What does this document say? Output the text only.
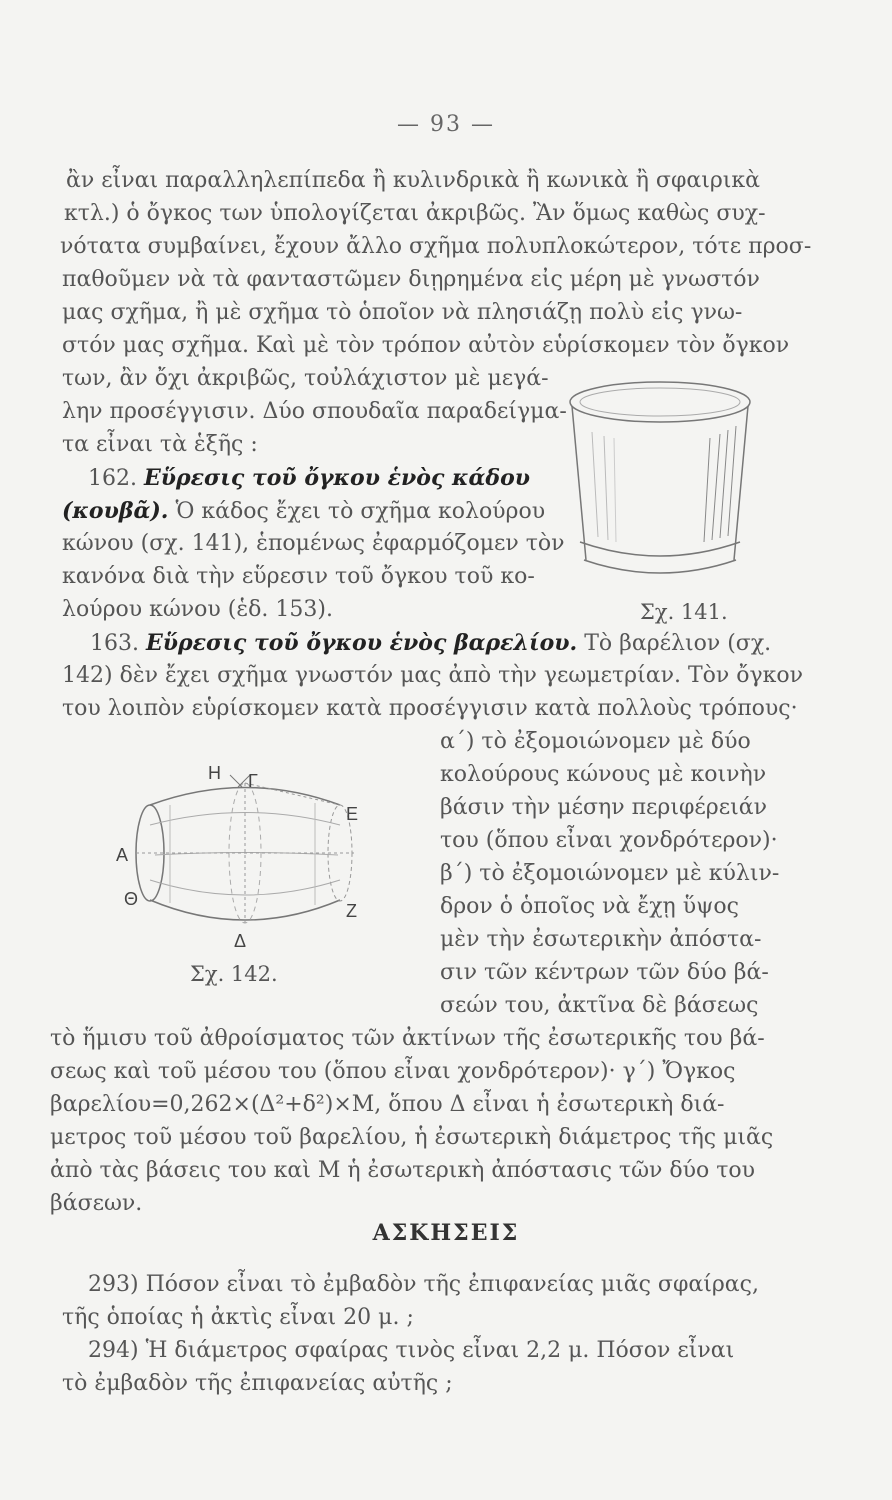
— 93 —
ἂν εἶναι παραλληλεπίπεδα ἢ κυλινδρικὰ ἢ κωνικὰ ἢ σφαιρικὰ
κτλ.) ὁ ὄγκος των ὑπολογίζεται ἀκριβῶς. Ἂν ὅμως καθὼς συχ-
νότατα συμβαίνει, ἔχουν ἄλλο σχῆμα πολυπλοκώτερον, τότε προσ-
παθοῦμεν νὰ τὰ φανταστῶμεν διῃρημένα εἰς μέρη μὲ γνωστόν
μας σχῆμα, ἢ μὲ σχῆμα τὸ ὁποῖον νὰ πλησιάζῃ πολὺ εἰς γνω-
στόν μας σχῆμα. Καὶ μὲ τὸν τρόπον αὐτὸν εὑρίσκομεν τὸν ὄγκον
των, ἂν ὄχι ἀκριβῶς, τοὐλάχιστον μὲ μεγά-
λην προσέγγισιν. Δύο σπουδαῖα παραδείγμα-
τα εἶναι τὰ ἑξῆς :
162. Εὕρεσις τοῦ ὄγκου ἑνὸς κάδου
(κουβᾶ). Ὁ κάδος ἔχει τὸ σχῆμα κολούρου
κώνου (σχ. 141), ἑπομένως ἐφαρμόζομεν τὸν
κανόνα διὰ τὴν εὕρεσιν τοῦ ὄγκου τοῦ κο-
λούρου κώνου (ἑδ. 153).	Σχ. 141.
163. Εὕρεσις τοῦ ὄγκου ἑνὸς βαρελίου. Τὸ βαρέλιον (σχ.
142) δὲν ἔχει σχῆμα γνωστόν μας ἀπὸ τὴν γεωμετρίαν. Τὸν ὄγκον
του λοιπὸν εὑρίσκομεν κατὰ προσέγγισιν κατὰ πολλοὺς τρόπους·
α΄) τὸ ἐξομοιώνομεν μὲ δύο
κολούρους κώνους μὲ κοινὴν
βάσιν τὴν μέσην περιφέρειάν
του (ὅπου εἶναι χονδρότερον)·
β΄) τὸ ἐξομοιώνομεν μὲ κύλιν-
δρον ὁ ὁποῖος νὰ ἔχῃ ὕψος
μὲν τὴν ἐσωτερικὴν ἀπόστα-
σιν τῶν κέντρων τῶν δύο βά-
σεών του, ἀκτῖνα δὲ βάσεως
H Γ
E
A
Θ
Z
Δ
Σχ. 142.
τὸ ἥμισυ τοῦ ἀθροίσματος τῶν ἀκτίνων τῆς ἐσωτερικῆς του βά-
σεως καὶ τοῦ μέσου του (ὅπου εἶναι χονδρότερον)· γ΄) Ὄγκος
βαρελίου=0,262×(Δ²+δ²)×Μ, ὅπου Δ εἶναι ἡ ἐσωτερικὴ διά-
μετρος τοῦ μέσου τοῦ βαρελίου, ἡ ἐσωτερικὴ διάμετρος τῆς μιᾶς
ἀπὸ τὰς βάσεις του καὶ Μ ἡ ἐσωτερικὴ ἀπόστασις τῶν δύο του
βάσεων.
ΑΣΚΗΣΕΙΣ
293) Πόσον εἶναι τὸ ἐμβαδὸν τῆς ἐπιφανείας μιᾶς σφαίρας,
τῆς ὁποίας ἡ ἀκτὶς εἶναι 20 μ. ;
294) Ἡ διάμετρος σφαίρας τινὸς εἶναι 2,2 μ. Πόσον εἶναι
τὸ ἐμβαδὸν τῆς ἐπιφανείας αὐτῆς ;
